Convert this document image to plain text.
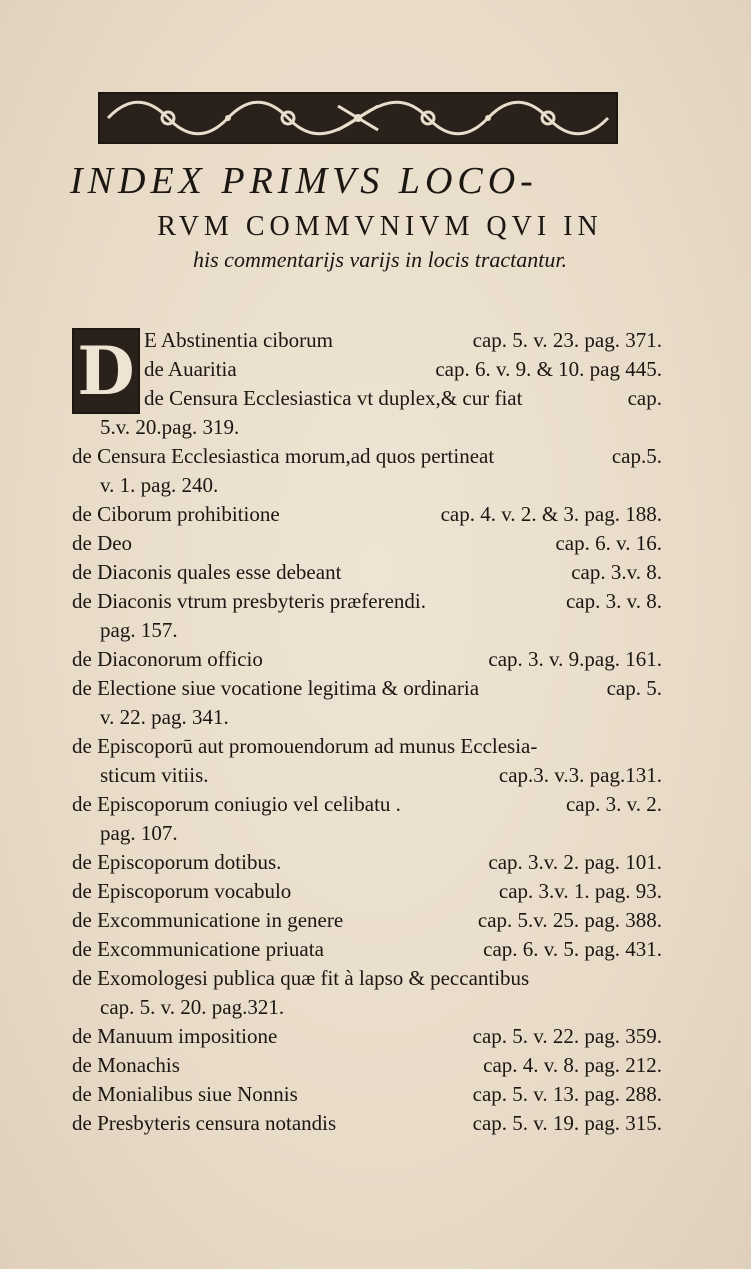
INDEX PRIMVS LOCO-
RVM COMMVNIVM QVI IN
his commentarijs varijs in locis tractantur.
D E Abstinentia ciborum	cap. 5. v. 23. pag. 371.
de Auaritia	cap. 6. v. 9. & 10. pag 445.
de Censura Ecclesiastica vt duplex,& cur fiat	cap.
5.v. 20.pag. 319.
de Censura Ecclesiastica morum,ad quos pertineat	cap.5.
v. 1. pag. 240.
de Ciborum prohibitione	cap. 4. v. 2. & 3. pag. 188.
de Deo	cap. 6. v. 16.
de Diaconis quales esse debeant	cap. 3.v. 8.
de Diaconis vtrum presbyteris præferendi.	cap. 3. v. 8.
pag. 157.
de Diaconorum officio	cap. 3. v. 9.pag. 161.
de Electione siue vocatione legitima & ordinaria	cap. 5.
v. 22. pag. 341.
de Episcoporū aut promouendorum ad munus Ecclesia-
sticum vitiis.	cap.3. v.3. pag.131.
de Episcoporum coniugio vel celibatu .	cap. 3. v. 2.
pag. 107.
de Episcoporum dotibus.	cap. 3.v. 2. pag. 101.
de Episcoporum vocabulo	cap. 3.v. 1. pag. 93.
de Excommunicatione in genere	cap. 5.v. 25. pag. 388.
de Excommunicatione priuata	cap. 6. v. 5. pag. 431.
de Exomologesi publica quæ fit à lapso & peccantibus
cap. 5. v. 20. pag.321.
de Manuum impositione	cap. 5. v. 22. pag. 359.
de Monachis	cap. 4. v. 8. pag. 212.
de Monialibus siue Nonnis	cap. 5. v. 13. pag. 288.
de Presbyteris censura notandis	cap. 5. v. 19. pag. 315.
